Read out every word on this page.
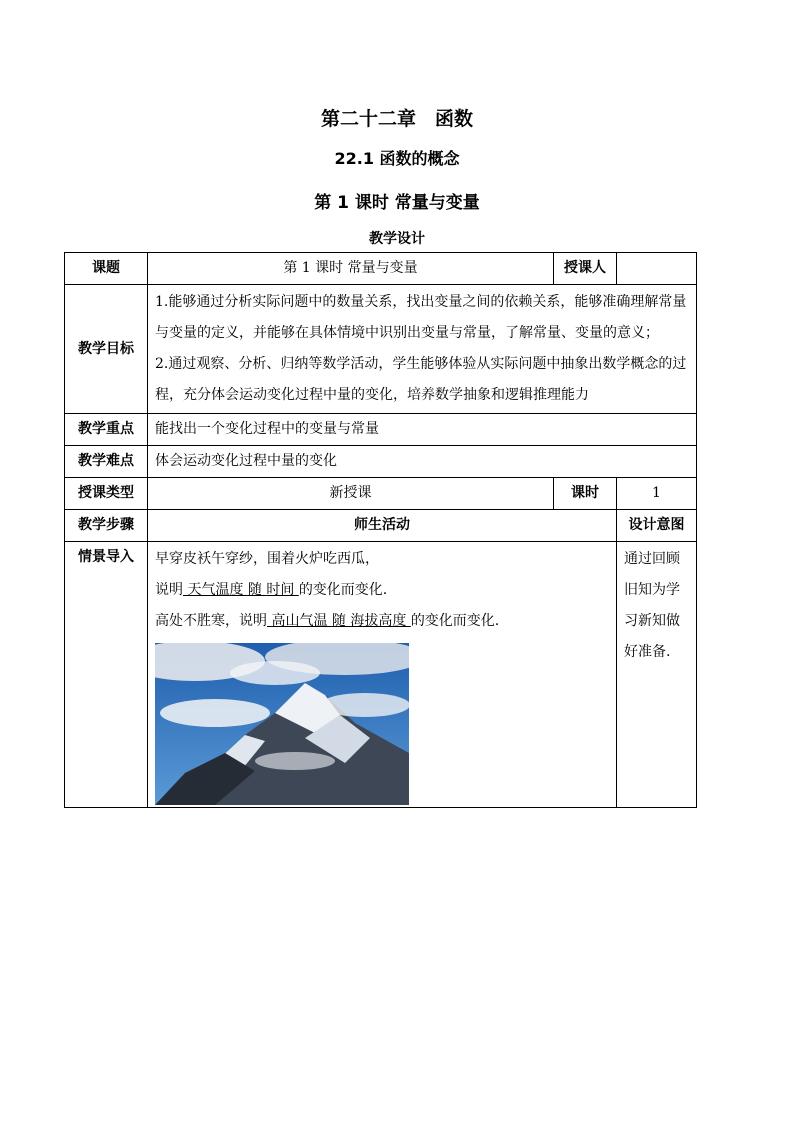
第二十二章　函数
22.1 函数的概念
第 1 课时 常量与变量
教学设计
课题	第 1 课时 常量与变量	授课人	
教学目标	1.能够通过分析实际问题中的数量关系，找出变量之间的依赖关系，能够准确理解常量与变量的定义，并能够在具体情境中识别出变量与常量，了解常量、变量的意义；
2.通过观察、分析、归纳等数学活动，学生能够体验从实际问题中抽象出数学概念的过程，充分体会运动变化过程中量的变化，培养数学抽象和逻辑推理能力		

教学重点	能找出一个变化过程中的变量与常量		
教学难点	体会运动变化过程中量的变化		
授课类型	新授课	课时	1
教学步骤	师生活动		设计意图
情景导入	早穿皮袄午穿纱，围着火炉吃西瓜，
说明 天气温度 随 时间 的变化而变化.
高处不胜寒，说明 高山气温 随 海拔高度 的变化而变化.		通过回顾旧知为学习新知做好准备.
